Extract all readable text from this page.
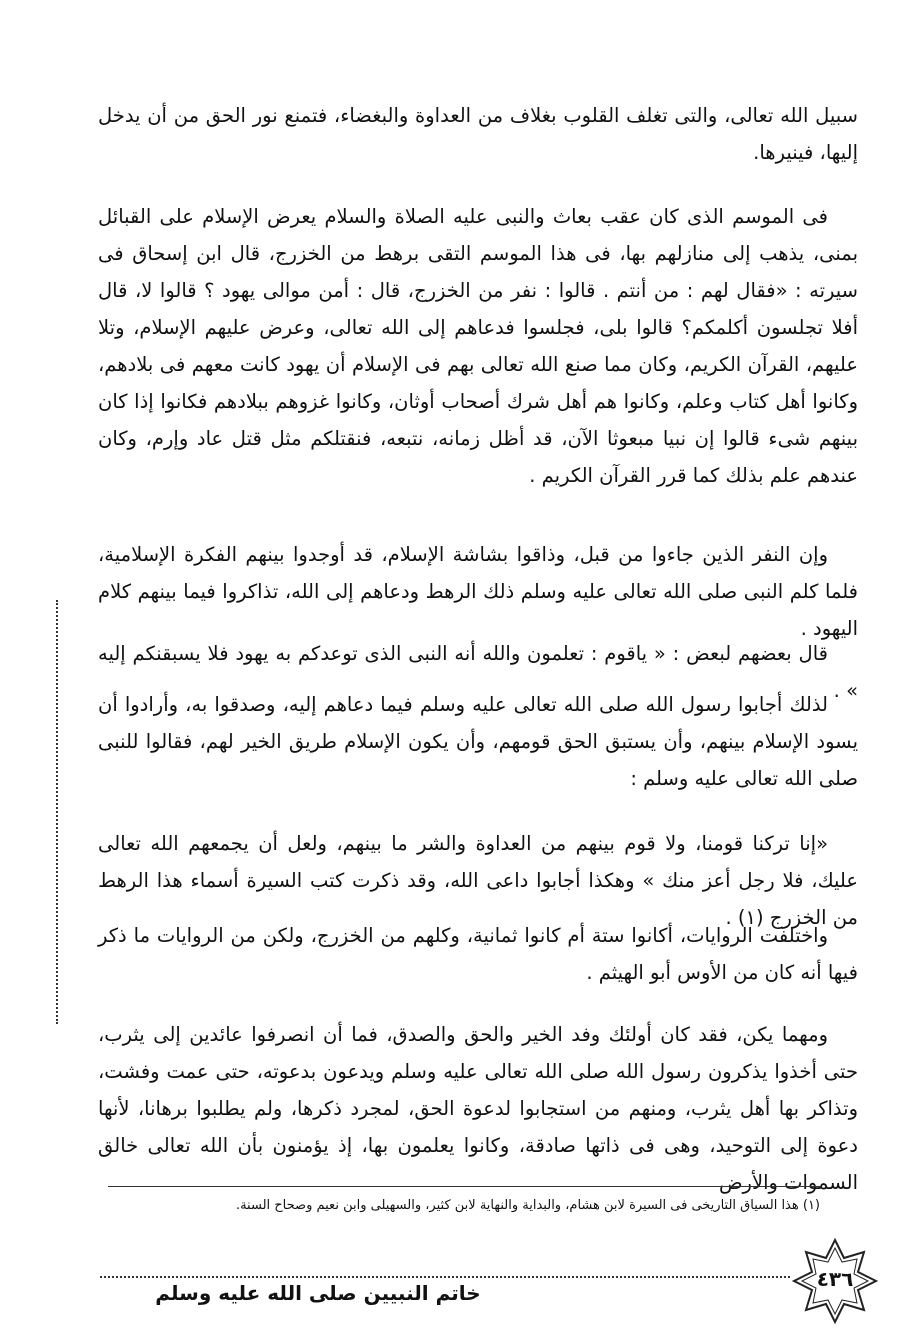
سبيل الله تعالى، والتى تغلف القلوب بغلاف من العداوة والبغضاء، فتمنع نور الحق من أن يدخل إليها، فينيرها.

فى الموسم الذى كان عقب بعاث والنبى عليه الصلاة والسلام يعرض الإسلام على القبائل بمنى، يذهب إلى منازلهم بها، فى هذا الموسم التقى برهط من الخزرج، قال ابن إسحاق فى سيرته : «فقال لهم : من أنتم . قالوا : نفر من الخزرج، قال : أمن موالى يهود ؟ قالوا لا، قال أفلا تجلسون أكلمكم؟ قالوا بلى، فجلسوا فدعاهم إلى الله تعالى، وعرض عليهم الإسلام، وتلا عليهم، القرآن الكريم، وكان مما صنع الله تعالى بهم فى الإسلام أن يهود كانت معهم فى بلادهم، وكانوا أهل كتاب وعلم، وكانوا هم أهل شرك أصحاب أوثان، وكانوا غزوهم ببلادهم فكانوا إذا كان بينهم شىء قالوا إن نبيا مبعوثا الآن، قد أظل زمانه، نتبعه، فنقتلكم مثل قتل عاد وإرم، وكان عندهم علم بذلك كما قرر القرآن الكريم .

وإن النفر الذين جاءوا من قبل، وذاقوا بشاشة الإسلام، قد أوجدوا بينهم الفكرة الإسلامية، فلما كلم النبى صلى الله تعالى عليه وسلم ذلك الرهط ودعاهم إلى الله، تذاكروا فيما بينهم كلام اليهود .

قال بعضهم لبعض : « ياقوم : تعلمون والله أنه النبى الذى توعدكم به يهود فلا يسبقنكم إليه » .

لذلك أجابوا رسول الله صلى الله تعالى عليه وسلم فيما دعاهم إليه، وصدقوا به، وأرادوا أن يسود الإسلام بينهم، وأن يستبق الحق قومهم، وأن يكون الإسلام طريق الخير لهم، فقالوا للنبى صلى الله تعالى عليه وسلم :

«إنا تركنا قومنا، ولا قوم بينهم من العداوة والشر ما بينهم، ولعل أن يجمعهم الله تعالى عليك، فلا رجل أعز منك » وهكذا أجابوا داعى الله، وقد ذكرت كتب السيرة أسماء هذا الرهط من الخزرج (١) .

واختلفت الروايات، أكانوا ستة أم كانوا ثمانية، وكلهم من الخزرج، ولكن من الروايات ما ذكر فيها أنه كان من الأوس أبو الهيثم .

ومهما يكن، فقد كان أولئك وفد الخير والحق والصدق، فما أن انصرفوا عائدين إلى يثرب، حتى أخذوا يذكرون رسول الله صلى الله تعالى عليه وسلم ويدعون بدعوته، حتى عمت وفشت، وتذاكر بها أهل يثرب، ومنهم من استجابوا لدعوة الحق، لمجرد ذكرها، ولم يطلبوا برهانا، لأنها دعوة إلى التوحيد، وهى فى ذاتها صادقة، وكانوا يعلمون بها، إذ يؤمنون بأن الله تعالى خالق السموات والأرض

(١) هذا السياق التاريخى فى السيرة لابن هشام، والبداية والنهاية لابن كثير، والسهيلى وابن نعيم وصحاح السنة.

خاتم النبيين صلى الله عليه وسلم

٤٣٦
